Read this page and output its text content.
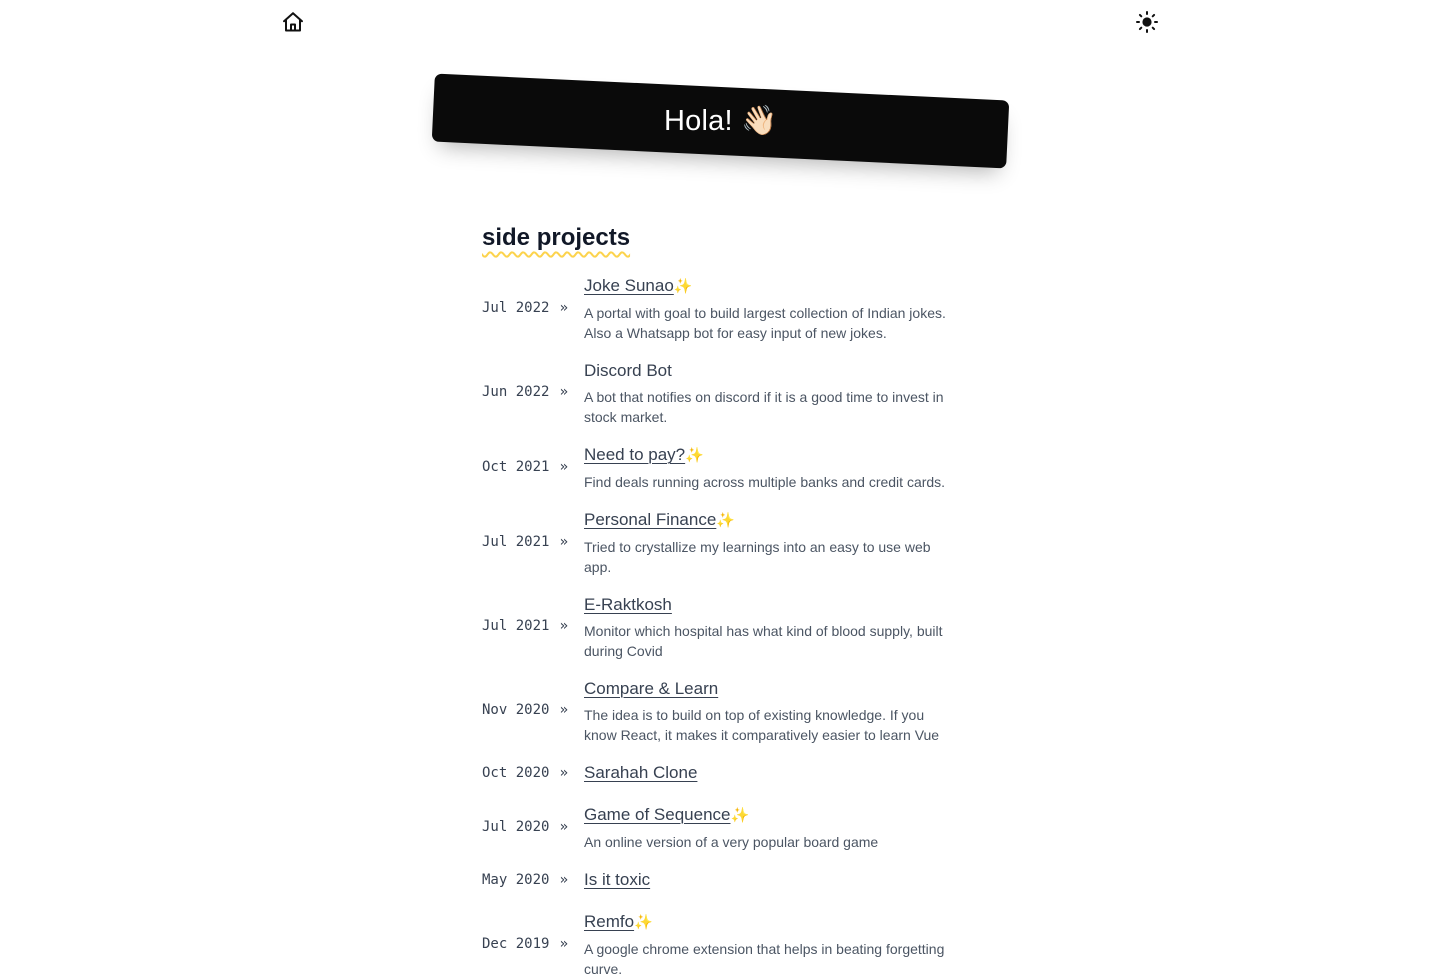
Hola! 👋🏻
side projects
Jul 2022 »
Joke Sunao✨
A portal with goal to build largest collection of Indian jokes. Also a Whatsapp bot for easy input of new jokes.
Jun 2022 »
Discord Bot
A bot that notifies on discord if it is a good time to invest in stock market.
Oct 2021 »
Need to pay?✨
Find deals running across multiple banks and credit cards.
Jul 2021 »
Personal Finance✨
Tried to crystallize my learnings into an easy to use web app.
Jul 2021 »
E-Raktkosh
Monitor which hospital has what kind of blood supply, built during Covid
Nov 2020 »
Compare & Learn
The idea is to build on top of existing knowledge. If you know React, it makes it comparatively easier to learn Vue
Oct 2020 » Sarahah Clone
Jul 2020 »
Game of Sequence✨
An online version of a very popular board game
May 2020 » Is it toxic
Dec 2019 »
Remfo✨
A google chrome extension that helps in beating forgetting curve.
